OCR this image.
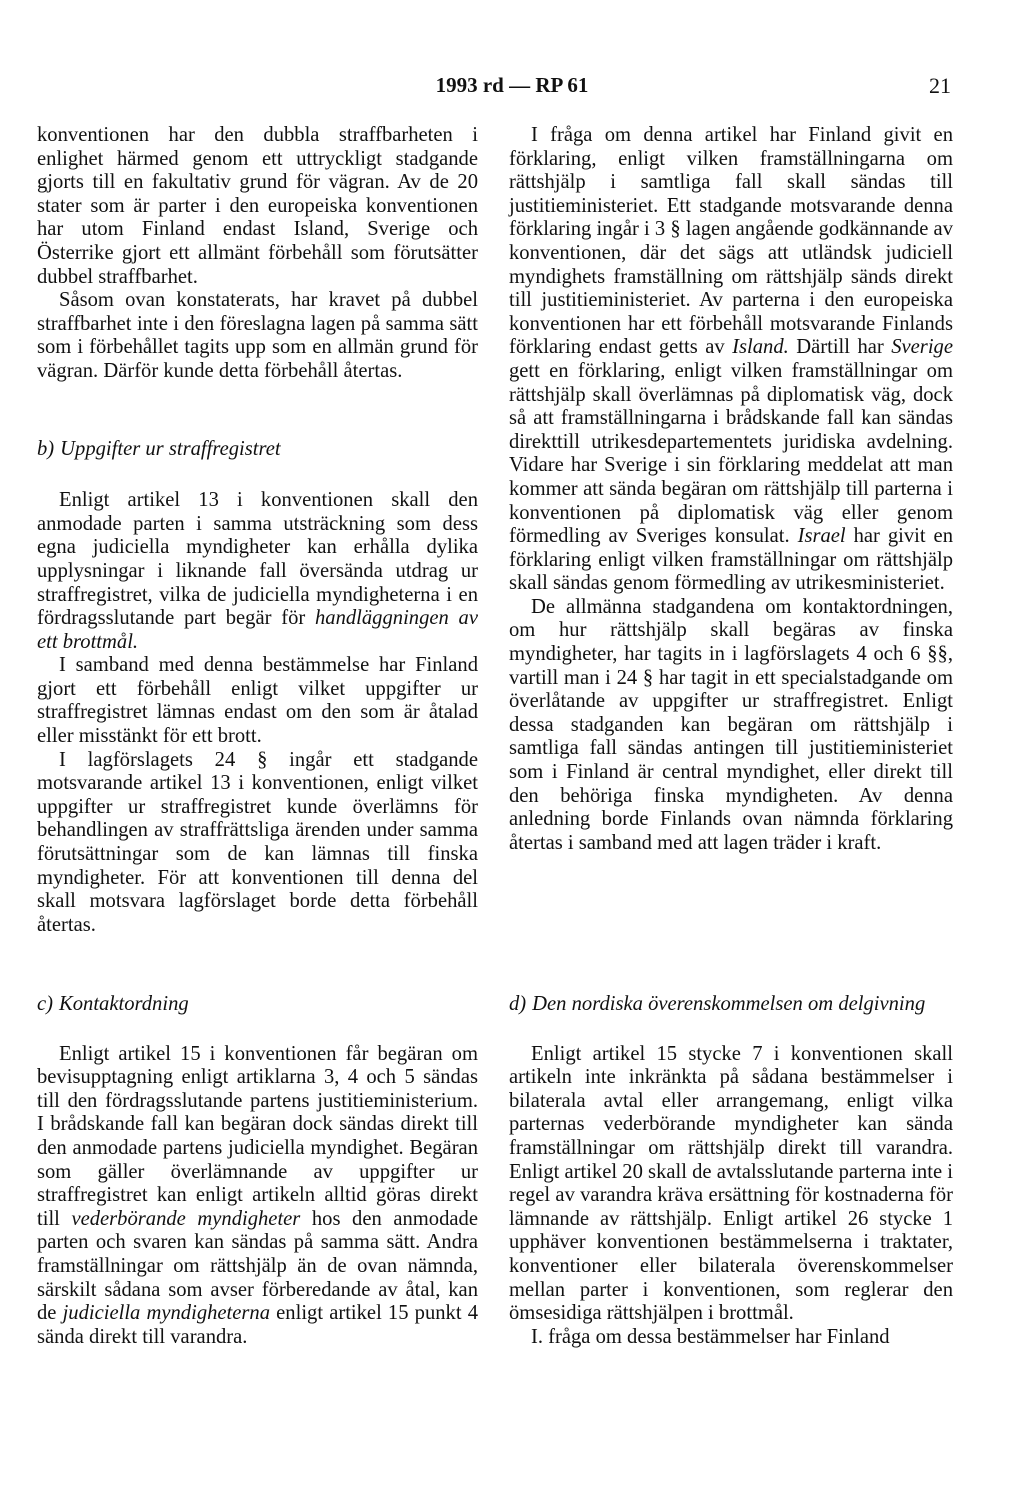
1993 rd — RP 61	21

konventionen har den dubbla straffbarheten i enlighet härmed genom ett uttryckligt stadgande gjorts till en fakultativ grund för vägran. Av de 20 stater som är parter i den europeiska konventionen har utom Finland endast Island, Sverige och Österrike gjort ett allmänt förbehåll som förutsätter dubbel straffbarhet.

Såsom ovan konstaterats, har kravet på dubbel straffbarhet inte i den föreslagna lagen på samma sätt som i förbehållet tagits upp som en allmän grund för vägran. Därför kunde detta förbehåll återtas.

b) Uppgifter ur straffregistret

Enligt artikel 13 i konventionen skall den anmodade parten i samma utsträckning som dess egna judiciella myndigheter kan erhålla dylika upplysningar i liknande fall översända utdrag ur straffregistret, vilka de judiciella myndigheterna i en fördragsslutande part begär för handläggningen av ett brottmål.

I samband med denna bestämmelse har Finland gjort ett förbehåll enligt vilket uppgifter ur straffregistret lämnas endast om den som är åtalad eller misstänkt för ett brott.

I lagförslagets 24 § ingår ett stadgande motsvarande artikel 13 i konventionen, enligt vilket uppgifter ur straffregistret kunde överlämns för behandlingen av straffrättsliga ärenden under samma förutsättningar som de kan lämnas till finska myndigheter. För att konventionen till denna del skall motsvara lagförslaget borde detta förbehåll återtas.

I fråga om denna artikel har Finland givit en förklaring, enligt vilken framställningarna om rättshjälp i samtliga fall skall sändas till justitieministeriet. Ett stadgande motsvarande denna förklaring ingår i 3 § lagen angående godkännande av konventionen, där det sägs att utländsk judiciell myndighets framställning om rättshjälp sänds direkt till justitieministeriet. Av parterna i den europeiska konventionen har ett förbehåll motsvarande Finlands förklaring endast getts av Island. Därtill har Sverige gett en förklaring, enligt vilken framställningar om rättshjälp skall överlämnas på diplomatisk väg, dock så att framställningarna i brådskande fall kan sändas direkttill utrikesdepartementets juridiska avdelning. Vidare har Sverige i sin förklaring meddelat att man kommer att sända begäran om rättshjälp till parterna i konventionen på diplomatisk väg eller genom förmedling av Sveriges konsulat. Israel har givit en förklaring enligt vilken framställningar om rättshjälp skall sändas genom förmedling av utrikesministeriet.

De allmänna stadgandena om kontaktordningen, om hur rättshjälp skall begäras av finska myndigheter, har tagits in i lagförslagets 4 och 6 §§, vartill man i 24 § har tagit in ett specialstadgande om överlåtande av uppgifter ur straffregistret. Enligt dessa stadganden kan begäran om rättshjälp i samtliga fall sändas antingen till justitieministeriet som i Finland är central myndighet, eller direkt till den behöriga finska myndigheten. Av denna anledning borde Finlands ovan nämnda förklaring återtas i samband med att lagen träder i kraft.

c) Kontaktordning

Enligt artikel 15 i konventionen får begäran om bevisupptagning enligt artiklarna 3, 4 och 5 sändas till den fördragsslutande partens justitieministerium. I brådskande fall kan begäran dock sändas direkt till den anmodade partens judiciella myndighet. Begäran som gäller överlämnande av uppgifter ur straffregistret kan enligt artikeln alltid göras direkt till vederbörande myndigheter hos den anmodade parten och svaren kan sändas på samma sätt. Andra framställningar om rättshjälp än de ovan nämnda, särskilt sådana som avser förberedande av åtal, kan de judiciella myndigheterna enligt artikel 15 punkt 4 sända direkt till varandra.

d) Den nordiska överenskommelsen om delgivning

Enligt artikel 15 stycke 7 i konventionen skall artikeln inte inkränkta på sådana bestämmelser i bilaterala avtal eller arrangemang, enligt vilka parternas vederbörande myndigheter kan sända framställningar om rättshjälp direkt till varandra. Enligt artikel 20 skall de avtalsslutande parterna inte i regel av varandra kräva ersättning för kostnaderna för lämnande av rättshjälp. Enligt artikel 26 stycke 1 upphäver konventionen bestämmelserna i traktater, konventioner eller bilaterala överenskommelser mellan parter i konventionen, som reglerar den ömsesidiga rättshjälpen i brottmål.

I. fråga om dessa bestämmelser har Finland
